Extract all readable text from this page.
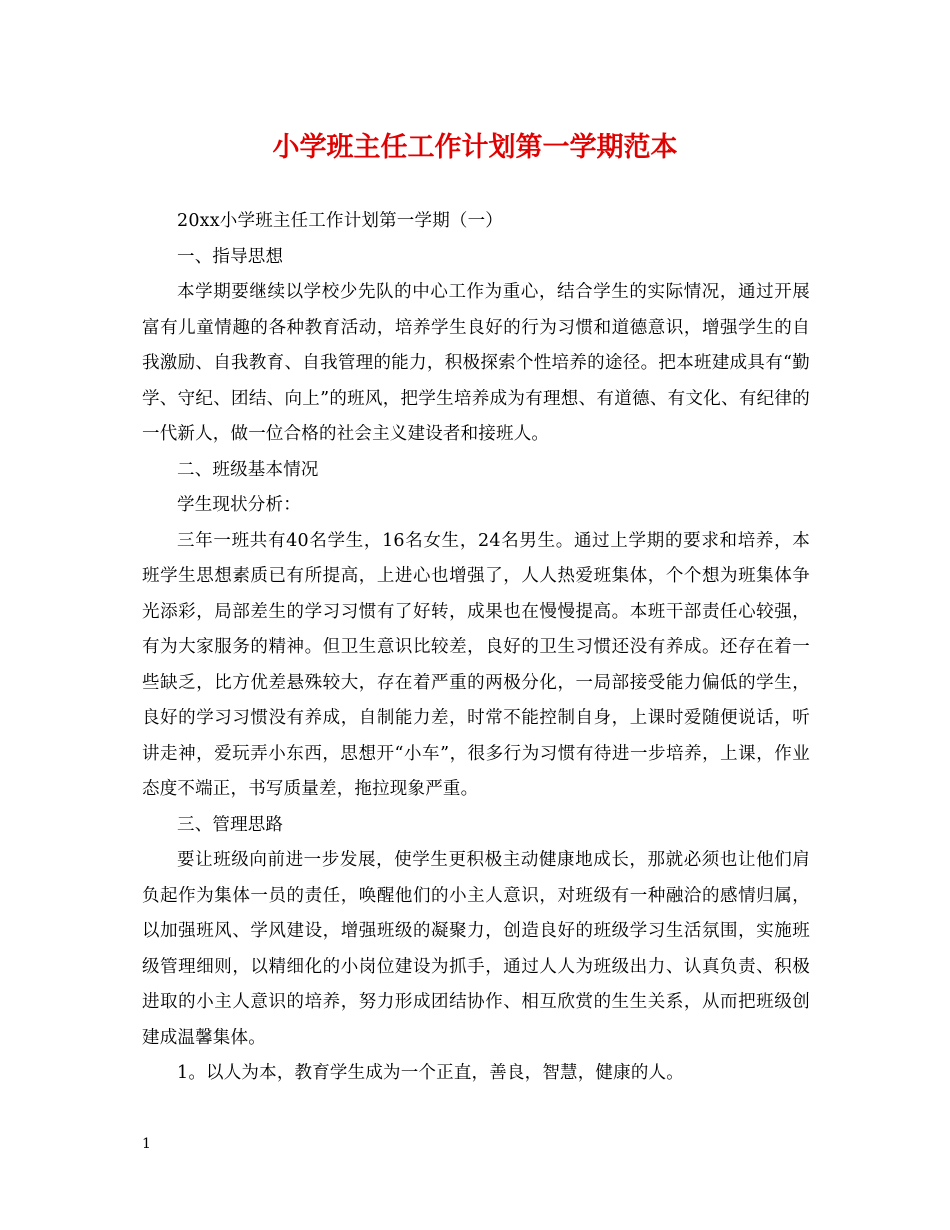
小学班主任工作计划第一学期范本

20xx小学班主任工作计划第一学期（一）

一、指导思想

本学期要继续以学校少先队的中心工作为重心，结合学生的实际情况，通过开展富有儿童情趣的各种教育活动，培养学生良好的行为习惯和道德意识，增强学生的自我激励、自我教育、自我管理的能力，积极探索个性培养的途径。把本班建成具有“勤学、守纪、团结、向上”的班风，把学生培养成为有理想、有道德、有文化、有纪律的一代新人，做一位合格的社会主义建设者和接班人。

二、班级基本情况

学生现状分析：

三年一班共有40名学生，16名女生，24名男生。通过上学期的要求和培养，本班学生思想素质已有所提高，上进心也增强了，人人热爱班集体，个个想为班集体争光添彩，局部差生的学习习惯有了好转，成果也在慢慢提高。本班干部责任心较强，有为大家服务的精神。但卫生意识比较差，良好的卫生习惯还没有养成。还存在着一些缺乏，比方优差悬殊较大，存在着严重的两极分化，一局部接受能力偏低的学生，良好的学习习惯没有养成，自制能力差，时常不能控制自身，上课时爱随便说话，听讲走神，爱玩弄小东西，思想开“小车”，很多行为习惯有待进一步培养，上课，作业态度不端正，书写质量差，拖拉现象严重。

三、管理思路

要让班级向前进一步发展，使学生更积极主动健康地成长，那就必须也让他们肩负起作为集体一员的责任，唤醒他们的小主人意识，对班级有一种融洽的感情归属，以加强班风、学风建设，增强班级的凝聚力，创造良好的班级学习生活氛围，实施班级管理细则，以精细化的小岗位建设为抓手，通过人人为班级出力、认真负责、积极进取的小主人意识的培养，努力形成团结协作、相互欣赏的生生关系，从而把班级创建成温馨集体。

1。以人为本，教育学生成为一个正直，善良，智慧，健康的人。

1
